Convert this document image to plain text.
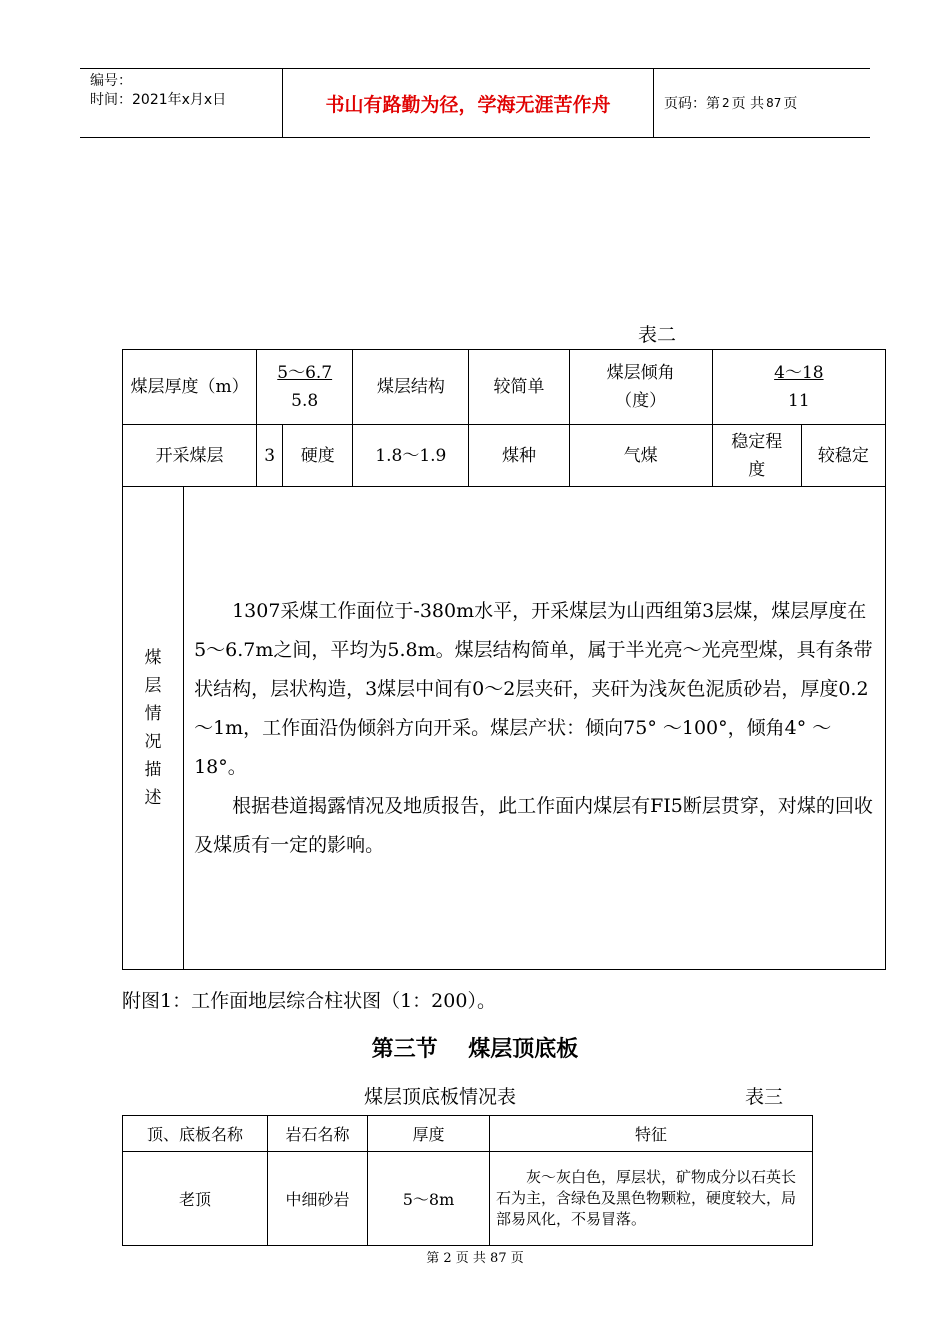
编号：
时间：2021年x月x日	书山有路勤为径，学海无涯苦作舟	页码：第 2 页 共 87 页
表二
煤层厚度（m）		$\frac{5\sim 6.7}{5.8}$		煤层结构	较简单	煤层倾角（度）	$\frac{4\sim 18}{11}$

开采煤层		3	硬度	1.8～1.9	煤种	气煤	稳定程度	较稳定

煤层情况描述	1307采煤工作面位于-380m水平，开采煤层为山西组第3层煤，煤层厚度在5～6.7m之间，平均为5.8m。煤层结构简单，属于半光亮～光亮型煤，具有条带状结构，层状构造，3煤层中间有0～2层夹矸，夹矸为浅灰色泥质砂岩，厚度0.2～1m，工作面沿伪倾斜方向开采。煤层产状：倾向75° ～100°，倾角4° ～18°。

根据巷道揭露情况及地质报告，此工作面内煤层有FI5断层贯穿，对煤的回收及煤质有一定的影响。							

附图1：工作面地层综合柱状图（1：200）。
第三节    煤层顶底板
煤层顶底板情况表	表三
顶、底板名称	岩石名称	厚度	特征
老顶	中细砂岩	5～8m	灰～灰白色，厚层状，矿物成分以石英长石为主，含绿色及黑色物颗粒，硬度较大，局部易风化，不易冒落。

第 2 页 共 87 页
